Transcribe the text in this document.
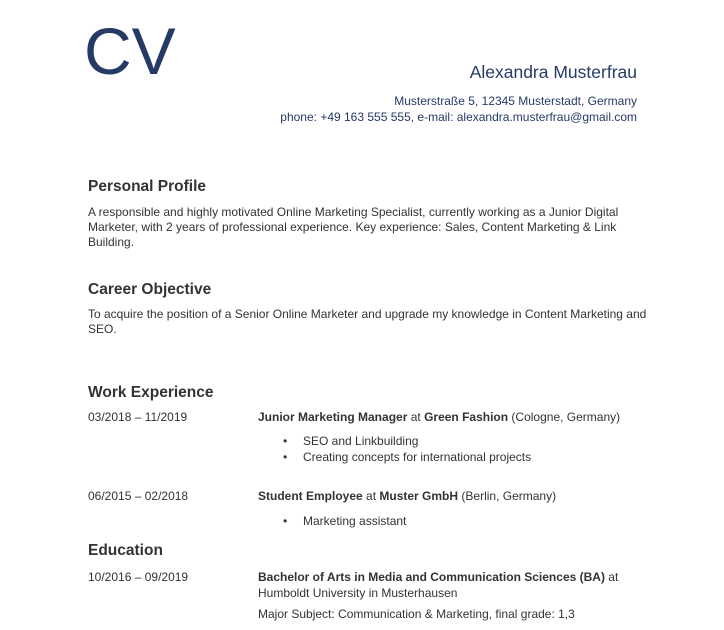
CV	Alexandra Musterfrau
Musterstraße 5, 12345 Musterstadt, Germany
phone: +49 163 555 555, e-mail: alexandra.musterfrau@gmail.com
Personal Profile
A responsible and highly motivated Online Marketing Specialist, currently working as a Junior Digital Marketer, with 2 years of professional experience. Key experience: Sales, Content Marketing & Link Building.
Career Objective
To acquire the position of a Senior Online Marketer and upgrade my knowledge in Content Marketing and SEO.
Work Experience
03/2018 – 11/2019	Junior Marketing Manager at Green Fashion (Cologne, Germany)
• SEO and Linkbuilding
• Creating concepts for international projects
06/2015 – 02/2018	Student Employee at Muster GmbH (Berlin, Germany)
• Marketing assistant
Education
10/2016 – 09/2019	Bachelor of Arts in Media and Communication Sciences (BA) at Humboldt University in Musterhausen
Major Subject: Communication & Marketing, final grade: 1,3
